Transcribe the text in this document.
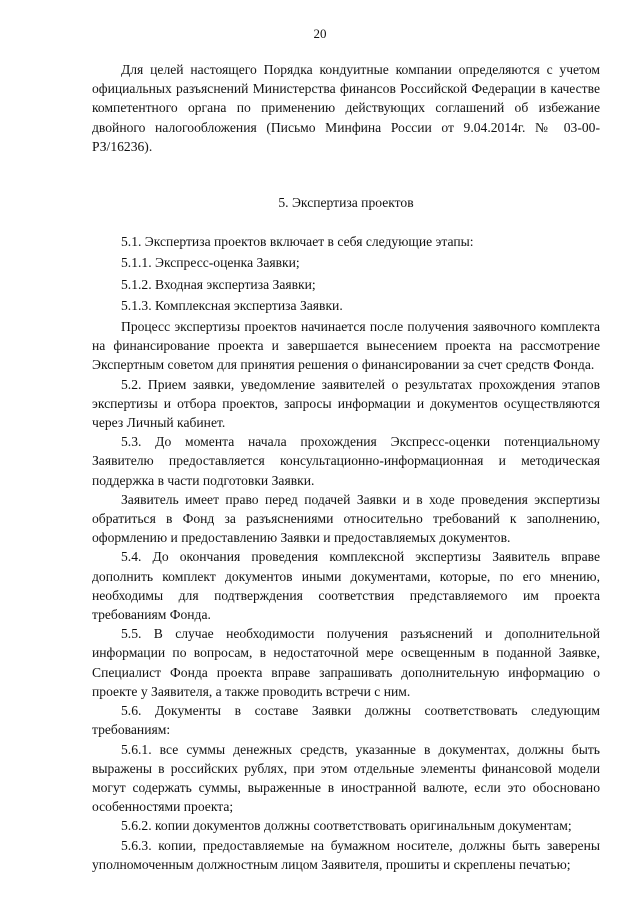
20

Для целей настоящего Порядка кондуитные компании определяются с учетом официальных разъяснений Министерства финансов Российской Федерации в качестве компетентного органа по применению действующих соглашений об избежание двойного налогообложения (Письмо Минфина России от 9.04.2014г. № 03-00-РЗ/16236).

5. Экспертиза проектов

5.1. Экспертиза проектов включает в себя следующие этапы:

5.1.1. Экспресс-оценка Заявки;

5.1.2. Входная экспертиза Заявки;

5.1.3. Комплексная экспертиза Заявки.

Процесс экспертизы проектов начинается после получения заявочного комплекта на финансирование проекта и завершается вынесением проекта на рассмотрение Экспертным советом для принятия решения о финансировании за счет средств Фонда.

5.2. Прием заявки, уведомление заявителей о результатах прохождения этапов экспертизы и отбора проектов, запросы информации и документов осуществляются через Личный кабинет.

5.3. До момента начала прохождения Экспресс-оценки потенциальному Заявителю предоставляется консультационно-информационная и методическая поддержка в части подготовки Заявки.

Заявитель имеет право перед подачей Заявки и в ходе проведения экспертизы обратиться в Фонд за разъяснениями относительно требований к заполнению, оформлению и предоставлению Заявки и предоставляемых документов.

5.4. До окончания проведения комплексной экспертизы Заявитель вправе дополнить комплект документов иными документами, которые, по его мнению, необходимы для подтверждения соответствия представляемого им проекта требованиям Фонда.

5.5. В случае необходимости получения разъяснений и дополнительной информации по вопросам, в недостаточной мере освещенным в поданной Заявке, Специалист Фонда проекта вправе запрашивать дополнительную информацию о проекте у Заявителя, а также проводить встречи с ним.

5.6. Документы в составе Заявки должны соответствовать следующим требованиям:

5.6.1. все суммы денежных средств, указанные в документах, должны быть выражены в российских рублях, при этом отдельные элементы финансовой модели могут содержать суммы, выраженные в иностранной валюте, если это обосновано особенностями проекта;

5.6.2. копии документов должны соответствовать оригинальным документам;

5.6.3. копии, предоставляемые на бумажном носителе, должны быть заверены уполномоченным должностным лицом Заявителя, прошиты и скреплены печатью;
